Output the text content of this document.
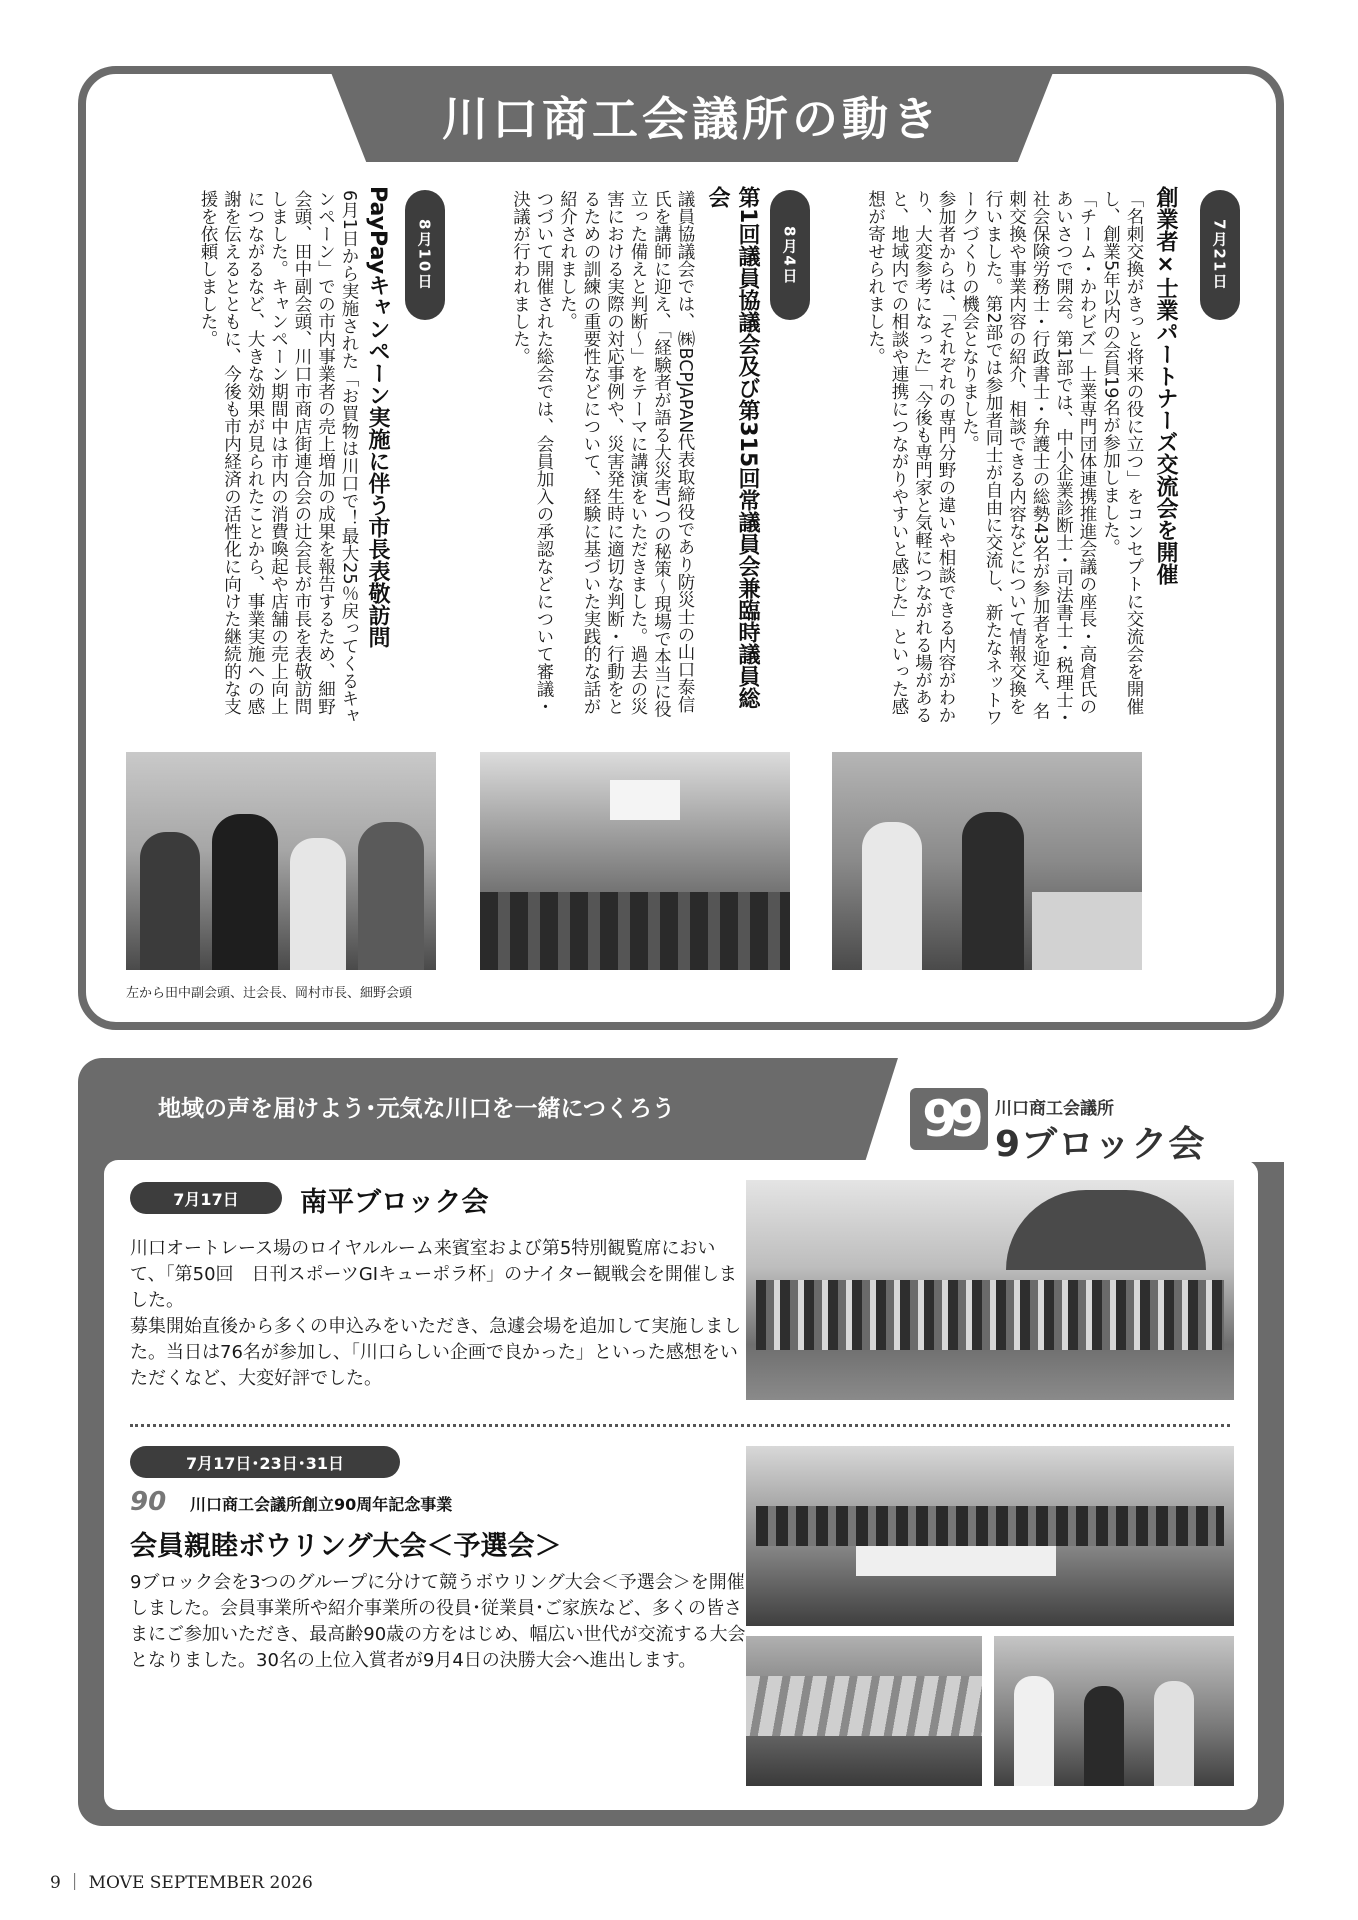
川口商工会議所の動き
7月21日
創業者×士業パートナーズ交流会を開催
「名刺交換がきっと将来の役に立つ」をコンセプトに交流会を開催し、創業5年以内の会員19名が参加しました。
「チーム・かわビズ」士業専門団体連携推進会議の座長・高倉氏のあいさつで開会。第1部では、中小企業診断士・司法書士・税理士・社会保険労務士・行政書士・弁護士の総勢43名が参加者を迎え、名刺交換や事業内容の紹介、相談できる内容などについて情報交換を行いました。第2部では参加者同士が自由に交流し、新たなネットワークづくりの機会となりました。
参加者からは、「それぞれの専門分野の違いや相談できる内容がわかり、大変参考になった」「今後も専門家と気軽につながれる場があると、地域内での相談や連携につながりやすいと感じた」といった感想が寄せられました。
8月4日
第1回議員協議会及び第315回常議員会兼臨時議員総会
議員協議会では、㈱BCPJAPAN代表取締役であり防災士の山口泰信氏を講師に迎え、「経験者が語る大災害7つの秘策～現場で本当に役立った備えと判断～」をテーマに講演をいただきました。過去の災害における実際の対応事例や、災害発生時に適切な判断・行動をとるための訓練の重要性などについて、経験に基づいた実践的な話が紹介されました。
つづいて開催された総会では、会員加入の承認などについて審議・決議が行われました。
8月10日
PayPayキャンペーン実施に伴う市長表敬訪問
6月1日から実施された「お買物は川口で！最大25％戻ってくるキャンペーン」での市内事業者の売上増加の成果を報告するため、細野会頭、田中副会頭、川口市商店街連合会の辻会長が市長を表敬訪問しました。キャンペーン期間中は市内の消費喚起や店舗の売上向上につながるなど、大きな効果が見られたことから、事業実施への感謝を伝えるとともに、今後も市内経済の活性化に向けた継続的な支援を依頼しました。
左から田中副会頭、辻会長、岡村市長、細野会頭
地域の声を届けよう･元気な川口を一緒につくろう	99	川口商工会議所
9ブロック会
7月17日	南平ブロック会
川口オートレース場のロイヤルルーム来賓室および第5特別観覧席において、「第50回　日刊スポーツGIキューポラ杯」のナイター観戦会を開催しました。
募集開始直後から多くの申込みをいただき、急遽会場を追加して実施しました。当日は76名が参加し、「川口らしい企画で良かった」といった感想をいただくなど、大変好評でした。
7月17日･23日･31日
90	川口商工会議所創立90周年記念事業
会員親睦ボウリング大会＜予選会＞
9ブロック会を3つのグループに分けて競うボウリング大会＜予選会＞を開催しました。会員事業所や紹介事業所の役員･従業員･ご家族など、多くの皆さまにご参加いただき、最高齢90歳の方をはじめ、幅広い世代が交流する大会となりました。30名の上位入賞者が9月4日の決勝大会へ進出します。
9 ｜ MOVE SEPTEMBER 2026
